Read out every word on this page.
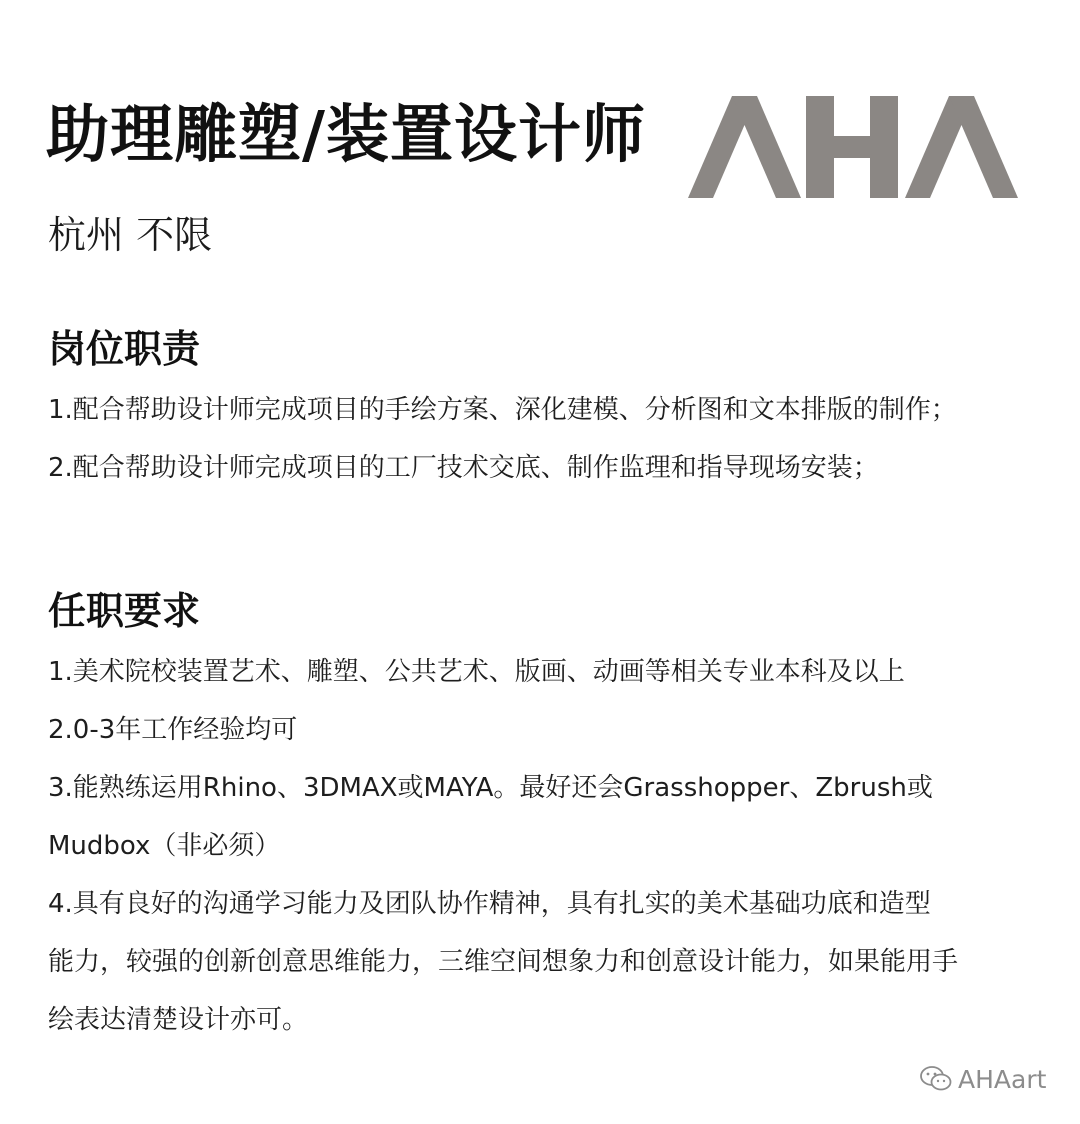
助理雕塑/装置设计师
杭州 不限
岗位职责
1.配合帮助设计师完成项目的手绘方案、深化建模、分析图和文本排版的制作；
2.配合帮助设计师完成项目的工厂技术交底、制作监理和指导现场安装；
任职要求
1.美术院校装置艺术、雕塑、公共艺术、版画、动画等相关专业本科及以上
2.0-3年工作经验均可
3.能熟练运用Rhino、3DMAX或MAYA。最好还会Grasshopper、Zbrush或
Mudbox（非必须）
4.具有良好的沟通学习能力及团队协作精神，具有扎实的美术基础功底和造型
能力，较强的创新创意思维能力，三维空间想象力和创意设计能力，如果能用手
绘表达清楚设计亦可。
AHAart
